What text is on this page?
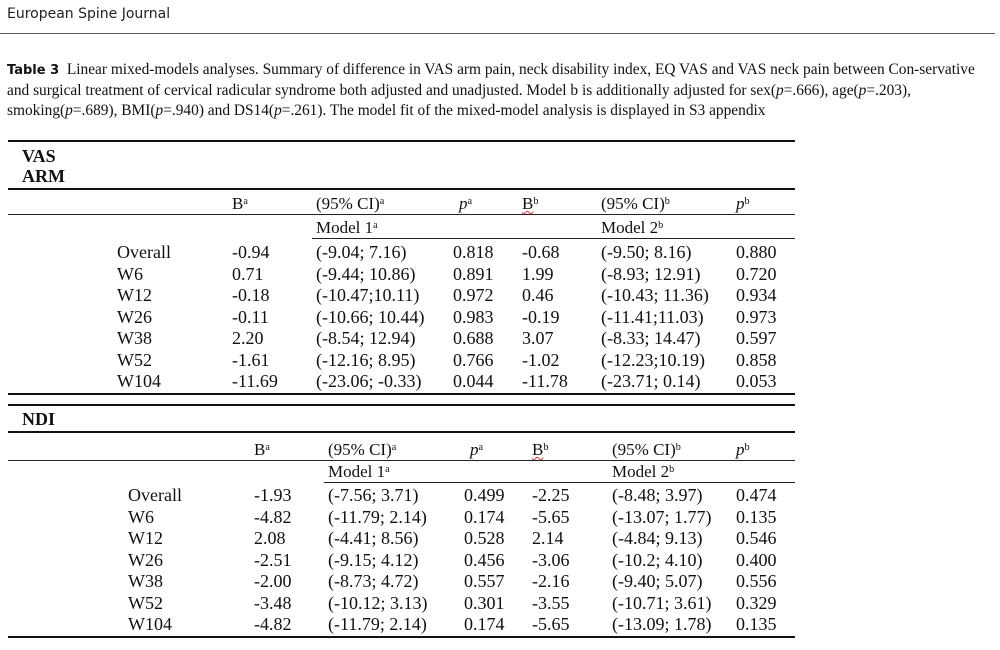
European Spine Journal
Table 3 Linear mixed-models analyses. Summary of difference in VAS arm pain, neck disability index, EQ VAS and VAS neck pain between Con-servative and surgical treatment of cervical radicular syndrome both adjusted and unadjusted. Model b is additionally adjusted for sex(p=.666), age(p=.203), smoking(p=.689), BMI(p=.940) and DS14(p=.261). The model fit of the mixed-model analysis is displayed in S3 appendix
VAS
ARM
$B^a$	(95% CI)$^a$	$p^a$	$B^b$	(95% CI)$^b$	$p^b$
Model 1$^a$	Model 2$^b$
Overall	-0.94	(-9.04; 7.16)	0.818 -0.68 (-9.50; 8.16) 0.880
W6	0.71	(-9.44; 10.86) 0.891 1.99	(-8.93; 12.91) 0.720
W12	-0.18	(-10.47;10.11) 0.972 0.46	(-10.43; 11.36) 0.934
W26	-0.11	(-10.66; 10.44) 0.983 -0.19 (-11.41;11.03) 0.973
W38	2.20	(-8.54; 12.94) 0.688 3.07	(-8.33; 14.47) 0.597
W52	-1.61	(-12.16; 8.95) 0.766 -1.02 (-12.23;10.19) 0.858
W104	-11.69 (-23.06; -0.33) 0.044 -11.78 (-23.71; 0.14) 0.053
NDI
$B^a$	(95% CI)$^a$	$p^a$	$B^b$	(95% CI)$^b$	$p^b$
Model 1$^a$	Model 2$^b$
Overall	-1.93 (-7.56; 3.71)	0.499 -2.25 (-8.48; 3.97) 0.474
W6	-4.82 (-11.79; 2.14) 0.174 -5.65 (-13.07; 1.77) 0.135
W12	2.08 (-4.41; 8.56)	0.528 2.14	(-4.84; 9.13) 0.546
W26	-2.51 (-9.15; 4.12)	0.456 -3.06 (-10.2; 4.10) 0.400
W38	-2.00 (-8.73; 4.72)	0.557 -2.16 (-9.40; 5.07) 0.556
W52	-3.48 (-10.12; 3.13) 0.301 -3.55 (-10.71; 3.61) 0.329
W104	-4.82 (-11.79; 2.14) 0.174 -5.65 (-13.09; 1.78) 0.135
